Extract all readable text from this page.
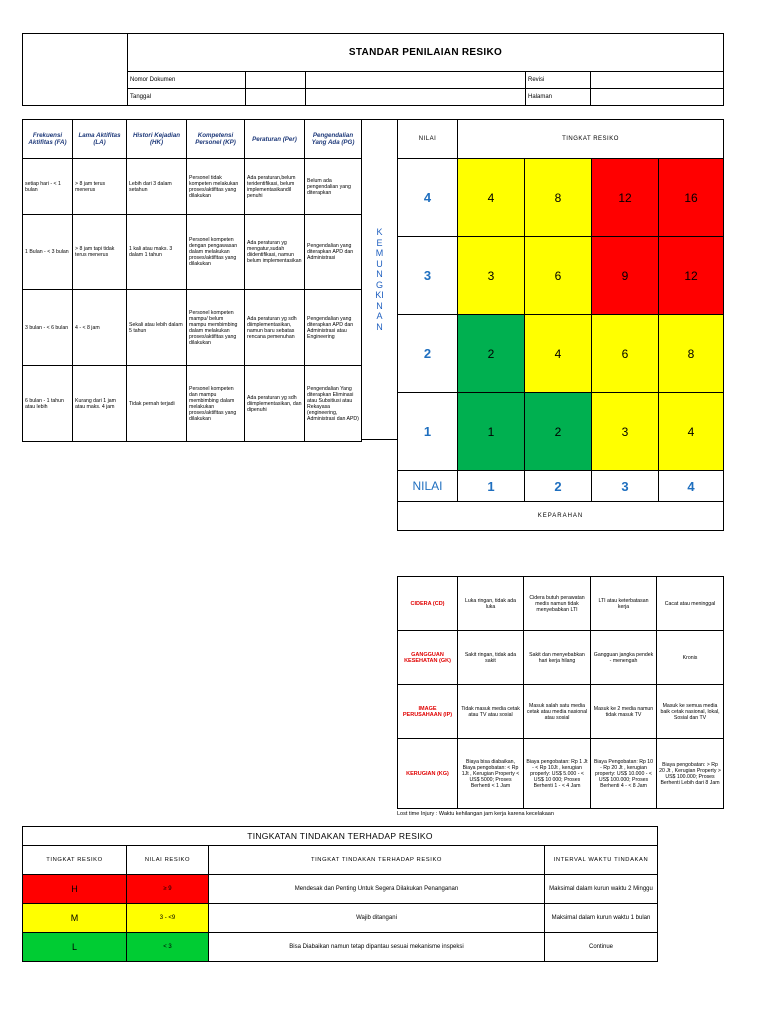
	STANDAR PENILAIAN RESIKO				
	Nomor Dokumen			Revisi	
	Tanggal			Halaman	
Frekuensi Aktifitas (FA)	Lama Aktifitas (LA)	Histori Kejadian (HK)	Kompetensi Personel (KP)	Peraturan (Per)	Pengendalian Yang Ada (PG)
setiap hari - < 1 bulan	> 8 jam terus menerus	Lebih dari 3 dalam setahun	Personel tidak kompeten melakukan proses/aktifitas yang dilakukan	Ada peraturan,belum teridentifikasi, belum implementasikandiI penuhi	Belum ada pengendalian yang diterapkan
1 Bulan - < 3 bulan	> 8 jam tapi tidak terus menerus	1 kali atau maks. 3 dalam 1 tahun	Personel kompeten dengan pengawasan dalam melakukan proses/aktifitas yang dilakukan	Ada peraturan yg mengatur,sudah diidentifikasi, namun belum implementasikan	Pengendalian yang diterapkan APD dan Administrasi
3 bulan - < 6 bulan	4 - < 8 jam	Sekali atau lebih dalam 5 tahun	Personel kompeten mampu/ belum mampu membimbing dalam melakukan proses/aktifitas yang dilakukan	Ada peraturan yg sdh diimplementasikan, namun baru sebatas rencana pemenuhan	Pengendalian yang diterapkan APD dan Administrasi atau Engineering
6 bulan - 1 tahun atau lebih	Kurang dari 1 jam atau maks. 4 jam	Tidak pernah terjadi	Personel kompeten dan mampu membimbing dalam melakukan proses/aktifitas yang dilakukan	Ada peraturan yg sdh diimplementasikan, dan dipenuhi	Pengendalian Yang diterapkan Eliminasi atau Subsitiusi atau Rekayasa (engineering, Administrasi dan APD)
KEMUNGKINAN
NILAI	TINGKAT RESIKO			
4	4	8	12	16
3	3	6	9	12
2	2	4	6	8
1	1	2	3	4
NILAI	1	2	3	4
KEPARAHAN				
CIDERA (CD)	Luka ringan, tidak ada luka	Cidera butuh perawatan medis namun tidak menyebabkan LTI	LTI atau keterbatasan kerja	Cacat atau meninggal
GANGGUAN KESEHATAN (GK)	Sakit ringan, tidak ada sakit	Sakit dan menyebabkan hari kerja hilang	Gangguan jangka pendek - menengah	Kronis
IMAGE PERUSAHAAN (IP)	Tidak masuk media cetak atau TV atau sosial	Masuk salah satu media cetak atau media nasional atau sosial	Masuk ke 2 media namun tidak masuk TV	Masuk ke semua media baik cetak nasional, lokal, Sosial dan TV
KERUGIAN (KG)	Biaya bisa diabaikan, Biaya pengobatan: < Rp 1Jt , Kerugian Property < US$ 5000; Proses Berhenti < 1 Jam	Biaya pengobatan: Rp 1 Jt - < Rp 10Jt , kerugian properly: US$ 5.000 - < US$ 10 000; Proses Berhenti 1 - < 4 Jam	Biaya Pengobatan: Rp 10 - Rp 20 Jt , kerugian property: US$ 10.000 - < US$ 100.000; Proses Berhenti 4 - < 8 Jam	Biaya pengobatan: > Rp 20 Jt , Kerugian Property > US$ 100.000; Proses Berhenti Lebih dari 8 Jam
Lost time Injury : Waktu kehilangan jam kerja karena kecelakaan
TINGKATAN TINDAKAN TERHADAP RESIKO			
TINGKAT RESIKO	NILAI RESIKO	TINGKAT TINDAKAN TERHADAP RESIKO	INTERVAL WAKTU TINDAKAN
H	≥ 9	Mendesak dan Penting Untuk Segera Dilakukan Penanganan	Maksimal dalam kurun waktu 2 Minggu
M	3 - <9	Wajib ditangani	Maksimal dalam kurun waktu 1 bulan
L	< 3	Bisa Diabaikan namun tetap dipantau sesuai mekanisme inspeksi	Continue
